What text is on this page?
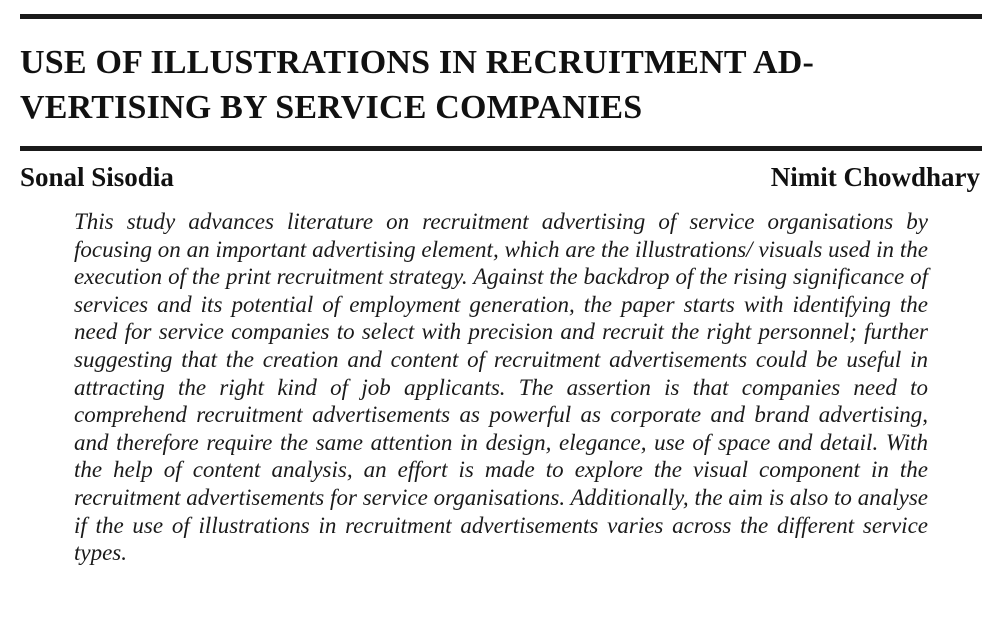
USE OF ILLUSTRATIONS IN RECRUITMENT AD-
VERTISING BY SERVICE COMPANIES
Sonal Sisodia	Nimit Chowdhary

This study advances literature on recruitment advertising of service organisations by focusing on an important advertising element, which are the illustrations/ visuals used in the execution of the print recruitment strategy. Against the backdrop of the rising significance of services and its potential of employment generation, the paper starts with identifying the need for service companies to select with precision and recruit the right personnel; further suggesting that the creation and content of recruitment advertisements could be useful in attracting the right kind of job applicants. The assertion is that companies need to comprehend recruitment advertisements as powerful as corporate and brand advertising, and therefore require the same attention in design, elegance, use of space and detail. With the help of content analysis, an effort is made to explore the visual component in the recruitment advertisements for service organisations. Additionally, the aim is also to analyse if the use of illustrations in recruitment advertisements varies across the different service types.
